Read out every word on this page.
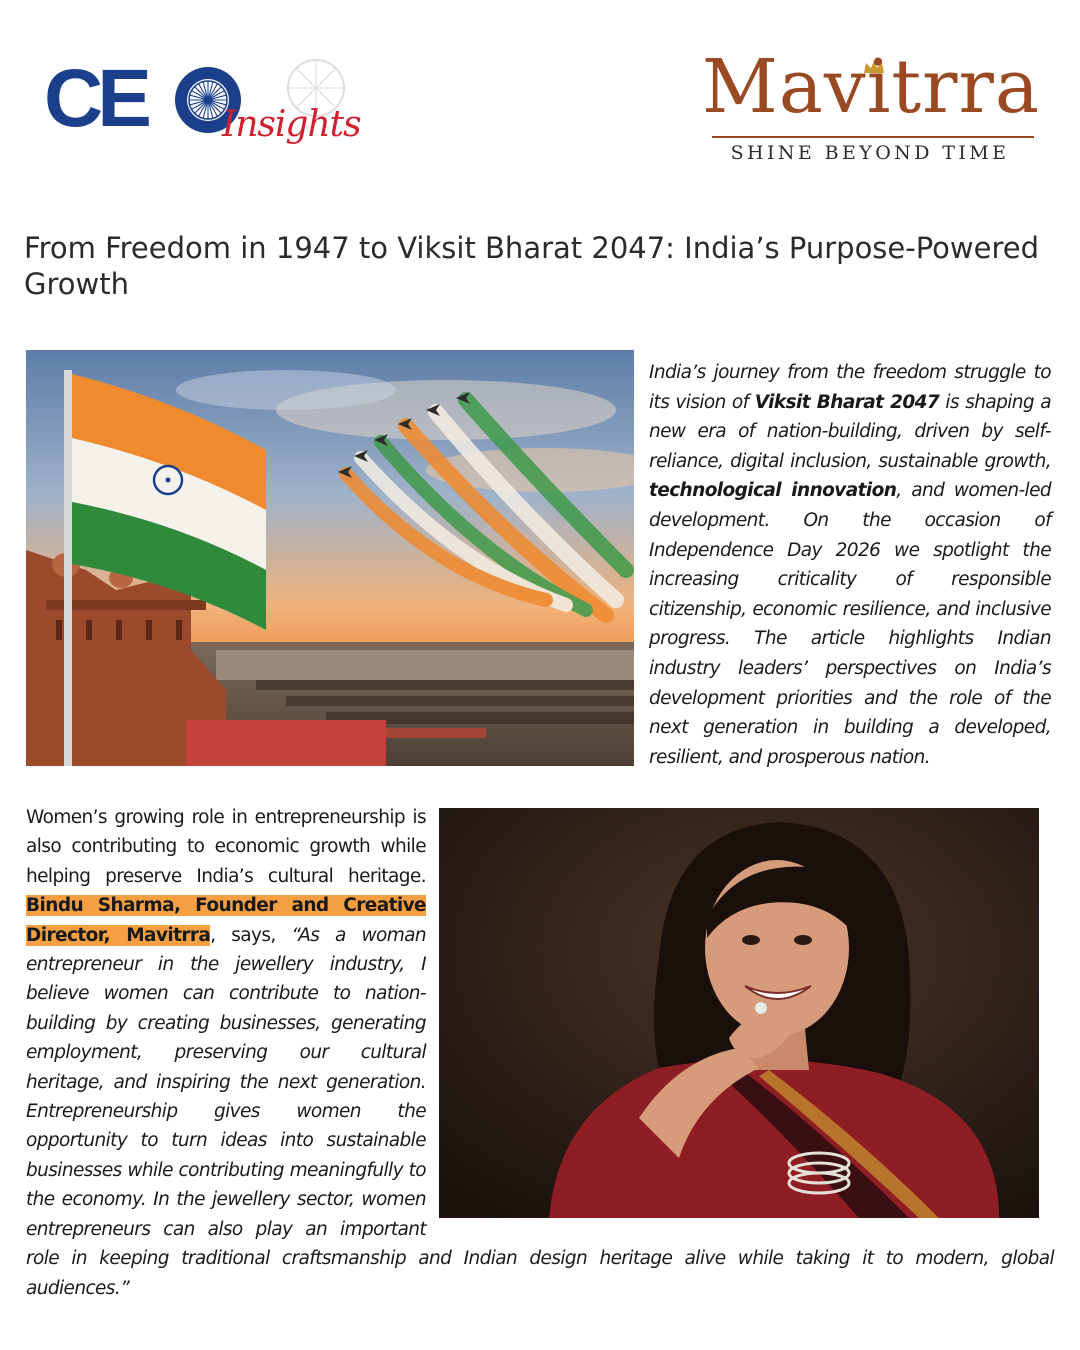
CE	Insights	Mavitrra
SHINE BEYOND TIME
From Freedom in 1947 to Viksit Bharat 2047: India’s Purpose-Powered Growth
India’s journey from the freedom struggle to its vision of Viksit Bharat 2047 is shaping a new era of nation-building, driven by self-reliance, digital inclusion, sustainable growth, technological innovation, and women-led development. On the occasion of Independence Day 2026 we spotlight the increasing criticality of responsible citizenship, economic resilience, and inclusive progress. The article highlights Indian industry leaders’ perspectives on India’s development priorities and the role of the next generation in building a developed, resilient, and prosperous nation.
Women’s growing role in entrepreneurship is also contributing to economic growth while helping preserve India’s cultural heritage. Bindu Sharma, Founder and Creative Director, Mavitrra, says, “As a woman entrepreneur in the jewellery industry, I believe women can contribute to nation-building by creating businesses, generating employment, preserving our cultural heritage, and inspiring the next generation. Entrepreneurship gives women the opportunity to turn ideas into sustainable businesses while contributing meaningfully to the economy. In the jewellery sector, women entrepreneurs can also play an important role in keeping traditional craftsmanship and Indian design heritage alive while taking it to modern, global audiences.”
